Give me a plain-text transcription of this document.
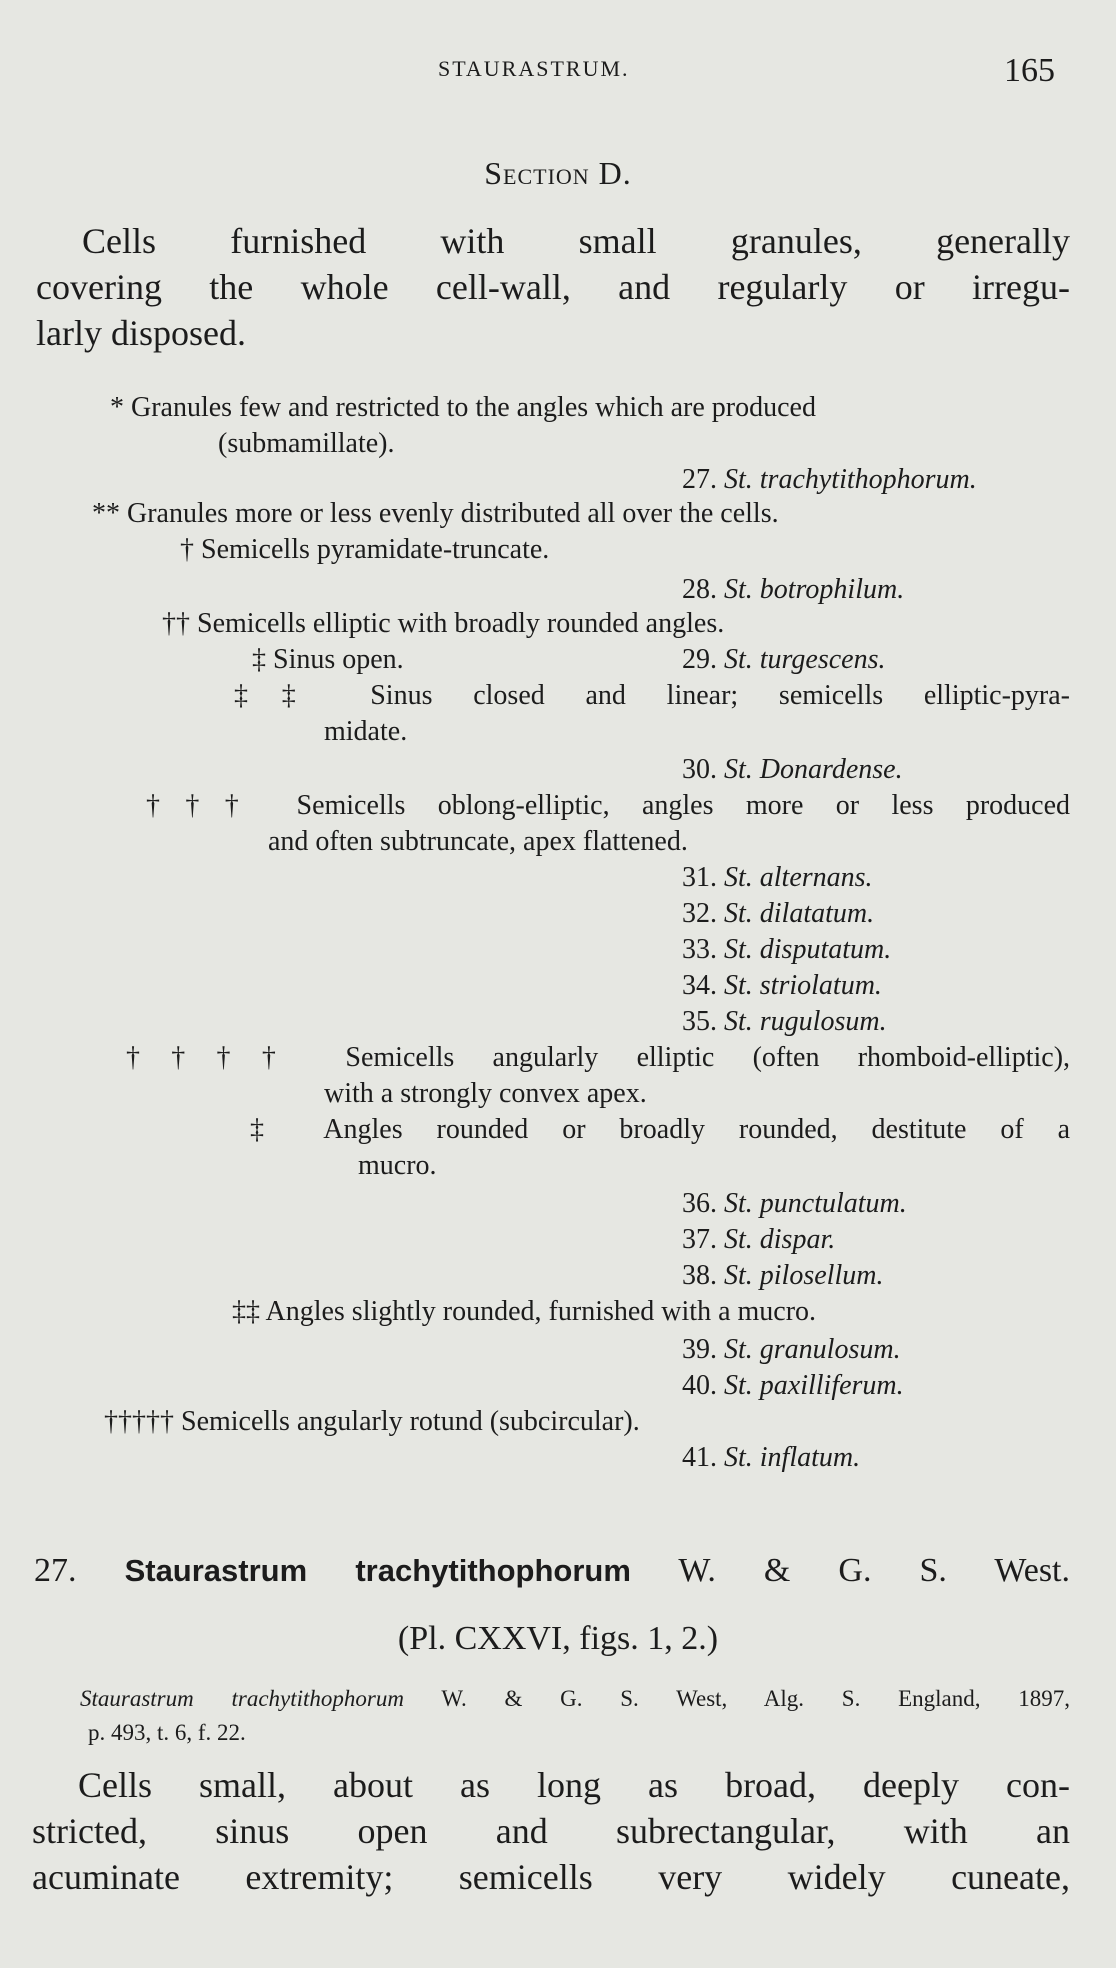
STAURASTRUM.	165
Section D.
Cells furnished with small granules, generally
covering the whole cell-wall, and regularly or irregu-
larly disposed.
* Granules few and restricted to the angles which are produced
(submamillate).
27. St. trachytithophorum.
** Granules more or less evenly distributed all over the cells.
† Semicells pyramidate-truncate.
28. St. botrophilum.
†† Semicells elliptic with broadly rounded angles.
‡ Sinus open.	29. St. turgescens.
‡‡ Sinus closed and linear; semicells elliptic-pyra-
midate.
30. St. Donardense.
††† Semicells oblong-elliptic, angles more or less produced
and often subtruncate, apex flattened.
31. St. alternans.
32. St. dilatatum.
33. St. disputatum.
34. St. striolatum.
35. St. rugulosum.
†††† Semicells angularly elliptic (often rhomboid-elliptic),
with a strongly convex apex.
‡ Angles rounded or broadly rounded, destitute of a
mucro.
36. St. punctulatum.
37. St. dispar.
38. St. pilosellum.
‡‡ Angles slightly rounded, furnished with a mucro.
39. St. granulosum.
40. St. paxilliferum.
††††† Semicells angularly rotund (subcircular).
41. St. inflatum.
27. Staurastrum trachytithophorum W. & G. S. West.
(Pl. CXXVI, figs. 1, 2.)
Staurastrum trachytithophorum W. & G. S. West, Alg. S. England, 1897,
p. 493, t. 6, f. 22.
Cells small, about as long as broad, deeply con-
stricted, sinus open and subrectangular, with an
acuminate extremity; semicells very widely cuneate,
